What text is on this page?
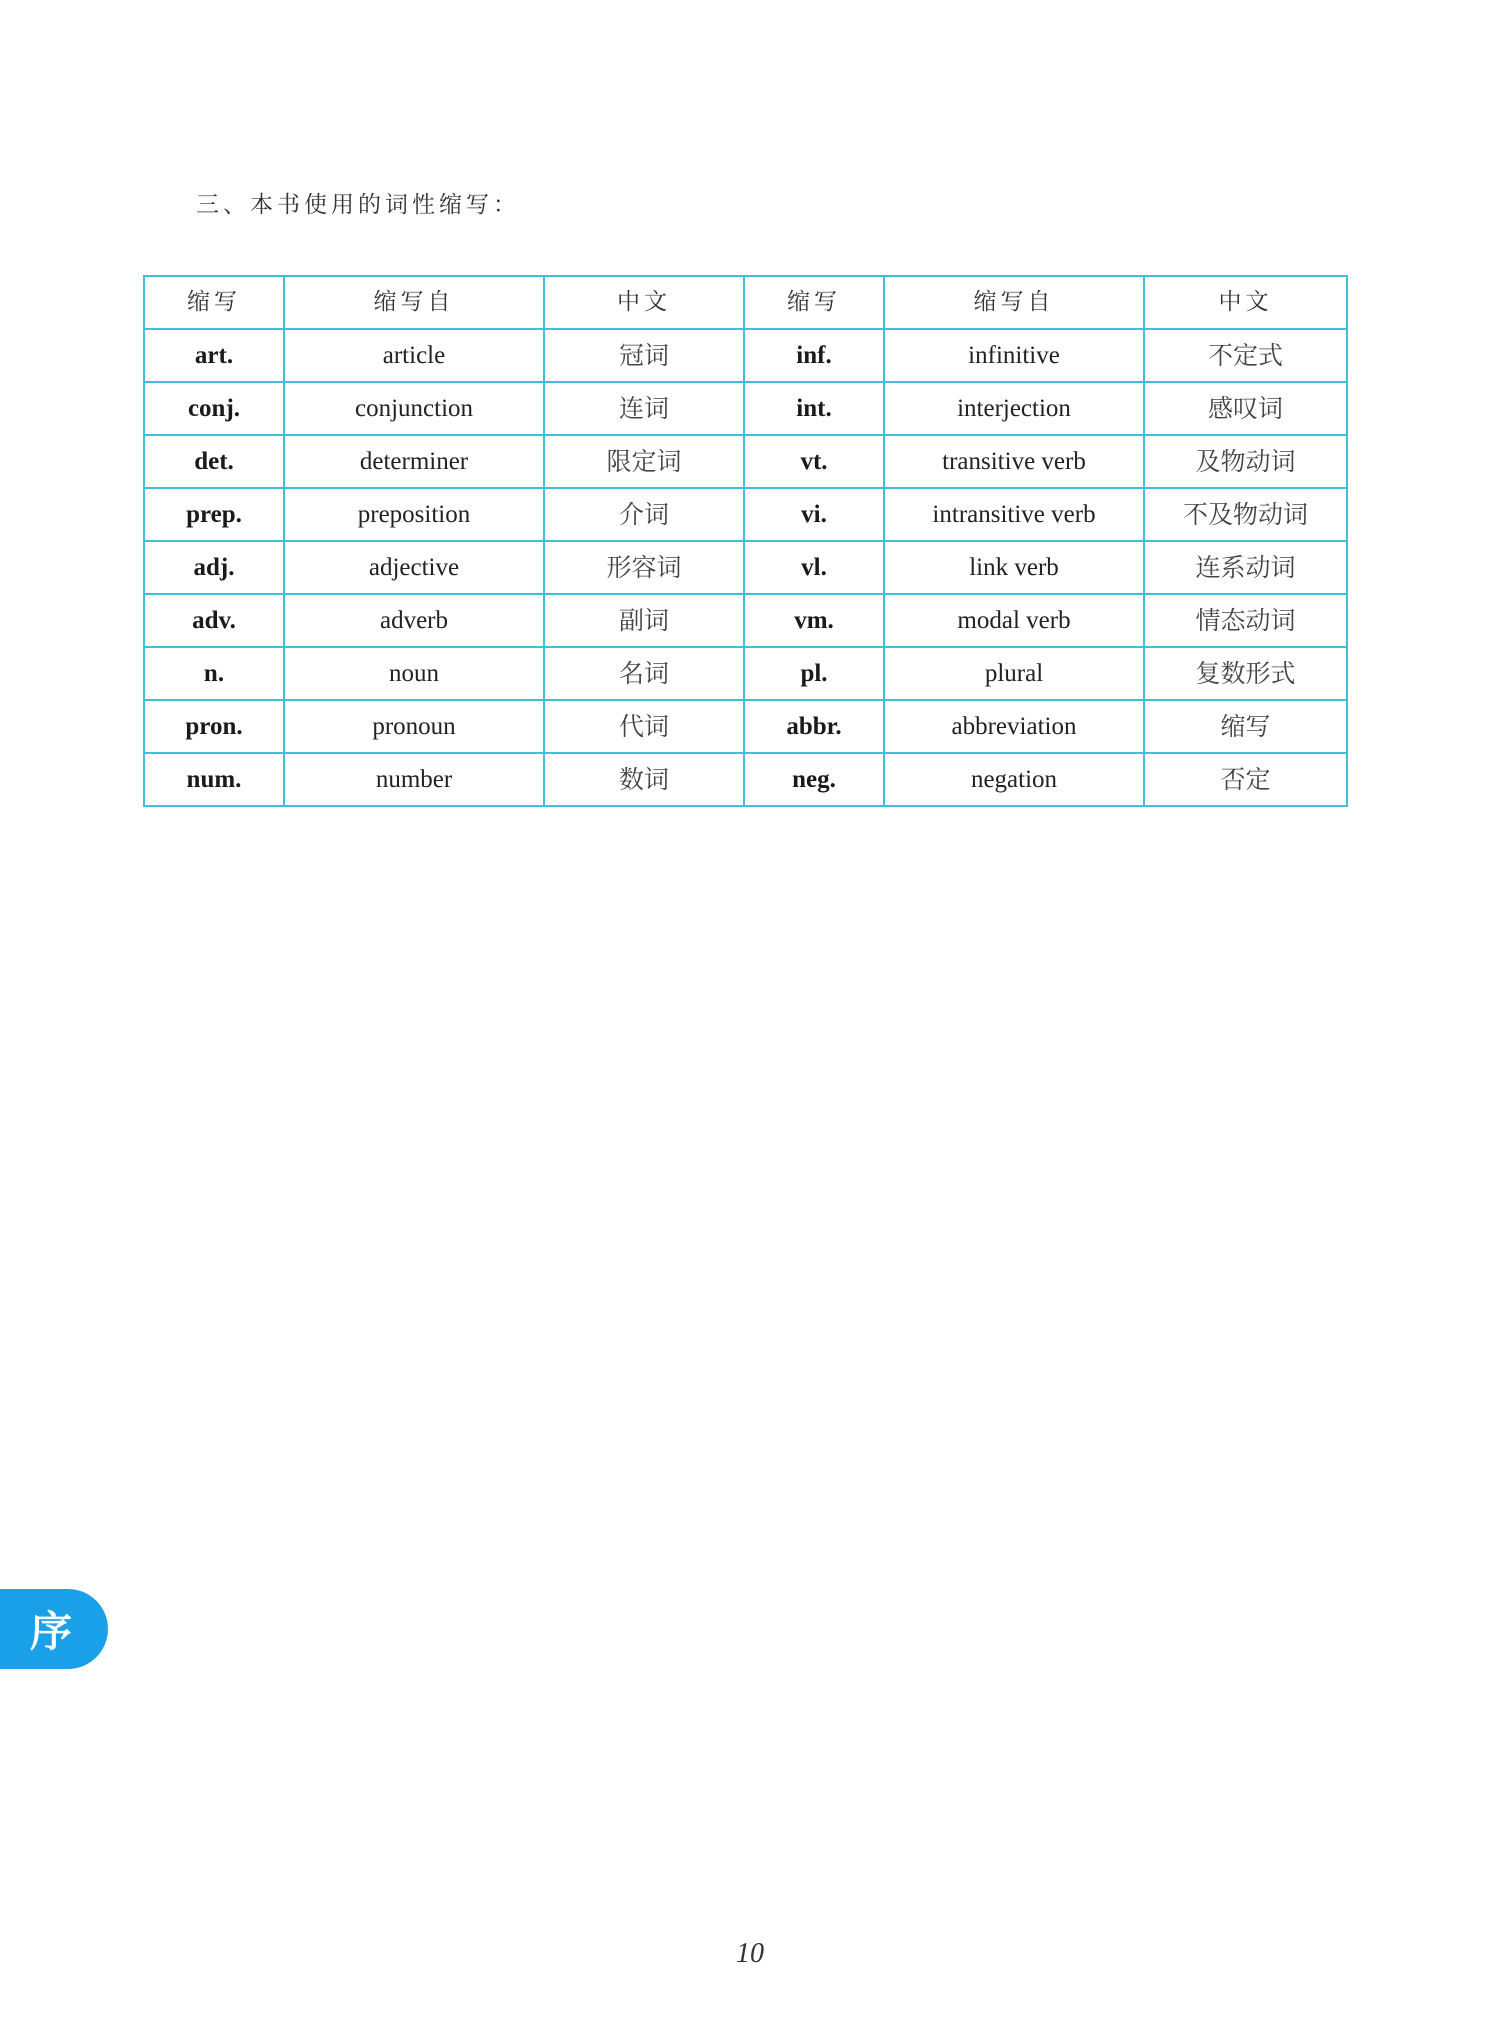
三、本书使用的词性缩写：
缩写	缩写自	中文	缩写	缩写自	中文
art.	article	冠词	inf.	infinitive	不定式
conj.	conjunction	连词	int.	interjection	感叹词
det.	determiner	限定词	vt.	transitive verb	及物动词
prep.	preposition	介词	vi.	intransitive verb	不及物动词
adj.	adjective	形容词	vl.	link verb	连系动词
adv.	adverb	副词	vm.	modal verb	情态动词
n.	noun	名词	pl.	plural	复数形式
pron.	pronoun	代词	abbr.	abbreviation	缩写
num.	number	数词	neg.	negation	否定
序
10
